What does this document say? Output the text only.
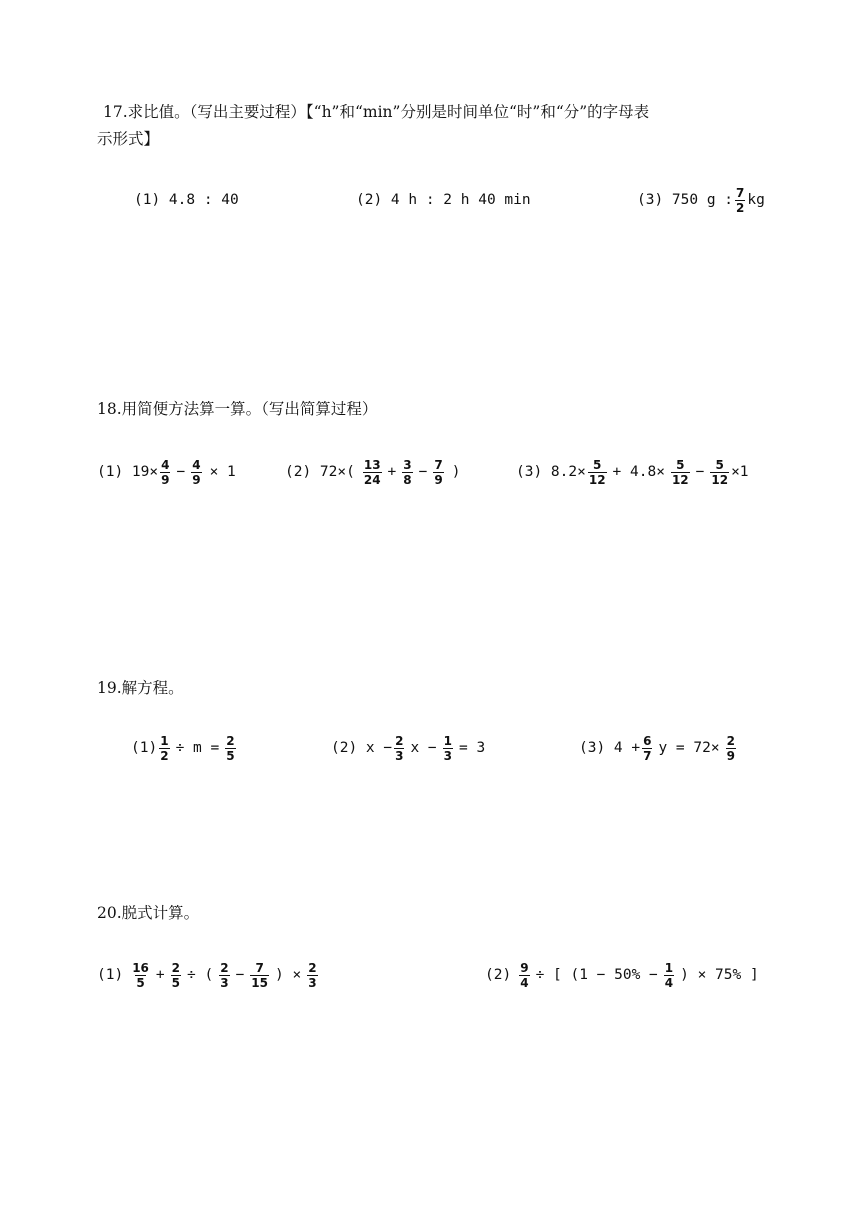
17.求比值。（写出主要过程）【“h”和“min”分别是时间单位“时”和“分”的字母表
示形式】
(1) 4.8 : 40	(2) 4 h : 2 h 40 min	(3) 750 g : 7
2 kg
18.用简便方法算一算。（写出简算过程）
(1) $19\times \frac{4}{9} - \frac{4}{9} \times 1$	(2) 72×( 13
$24 + \frac{3}{8} - \frac{7}{9}$ )	(3) $8.2\times \frac{5}{12} + 4.8\times \frac{5}{12} - \frac{5}{12} \times 1$
19.解方程。
$(1) \frac{1}{2} \div m = \frac{2}{5}$	(2) $x - \frac{2}{3}$ $x - \frac{1}{3} = 3$	(3) $4 + \frac{6}{7}$ $y = 72\times \frac{2}{9}$
20.脱式计算。
(1) 16
$5 + \frac{2}{5}$ ÷ ( 2
$3 - \frac{7}{15}$ ) × $\frac{2}{3}$	$(2) \frac{9}{4}$ ÷ [ ($1 - 50\% - \frac{1}{4}$ ) × 75% ]
